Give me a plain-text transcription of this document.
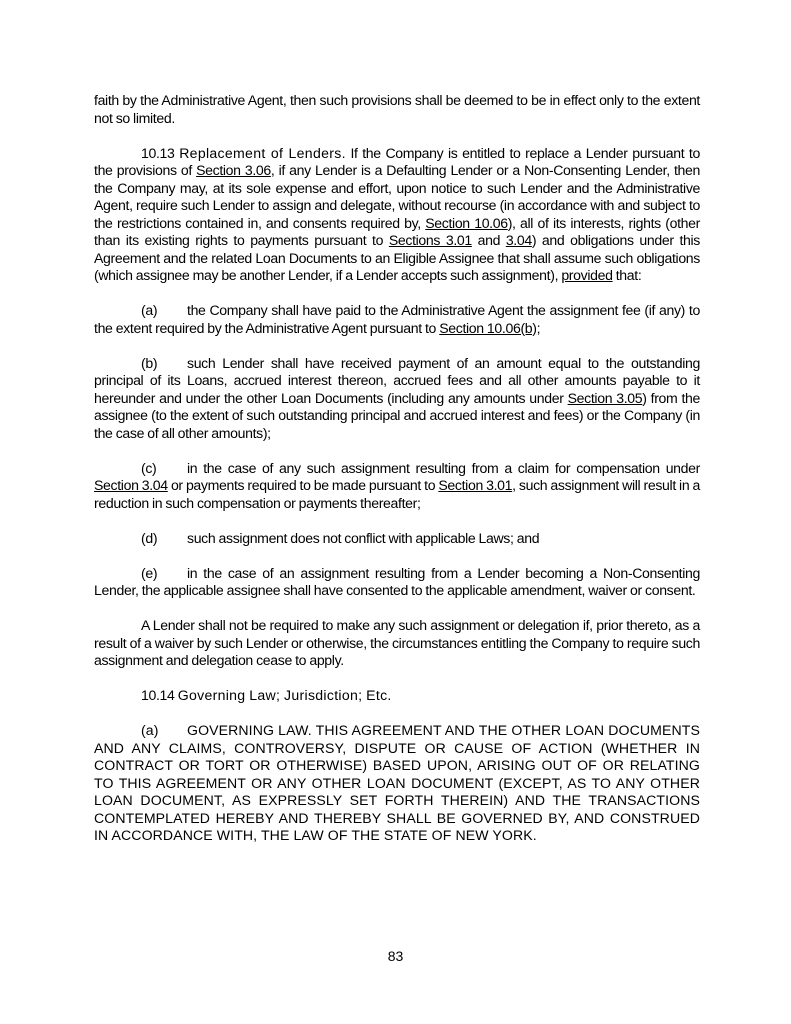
faith by the Administrative Agent, then such provisions shall be deemed to be in effect only to the extent not so limited.

10.13 Replacement of Lenders. If the Company is entitled to replace a Lender pursuant to the provisions of Section 3.06, if any Lender is a Defaulting Lender or a Non-Consenting Lender, then the Company may, at its sole expense and effort, upon notice to such Lender and the Administrative Agent, require such Lender to assign and delegate, without recourse (in accordance with and subject to the restrictions contained in, and consents required by, Section 10.06), all of its interests, rights (other than its existing rights to payments pursuant to Sections 3.01 and 3.04) and obligations under this Agreement and the related Loan Documents to an Eligible Assignee that shall assume such obligations (which assignee may be another Lender, if a Lender accepts such assignment), provided that:

(a) the Company shall have paid to the Administrative Agent the assignment fee (if any) to the extent required by the Administrative Agent pursuant to Section 10.06(b);

(b) such Lender shall have received payment of an amount equal to the outstanding principal of its Loans, accrued interest thereon, accrued fees and all other amounts payable to it hereunder and under the other Loan Documents (including any amounts under Section 3.05) from the assignee (to the extent of such outstanding principal and accrued interest and fees) or the Company (in the case of all other amounts);

(c) in the case of any such assignment resulting from a claim for compensation under Section 3.04 or payments required to be made pursuant to Section 3.01, such assignment will result in a reduction in such compensation or payments thereafter;

(d) such assignment does not conflict with applicable Laws; and

(e) in the case of an assignment resulting from a Lender becoming a Non-Consenting Lender, the applicable assignee shall have consented to the applicable amendment, waiver or consent.

A Lender shall not be required to make any such assignment or delegation if, prior thereto, as a result of a waiver by such Lender or otherwise, the circumstances entitling the Company to require such assignment and delegation cease to apply.

10.14 Governing Law; Jurisdiction; Etc.

(a) GOVERNING LAW. THIS AGREEMENT AND THE OTHER LOAN DOCUMENTS AND ANY CLAIMS, CONTROVERSY, DISPUTE OR CAUSE OF ACTION (WHETHER IN CONTRACT OR TORT OR OTHERWISE) BASED UPON, ARISING OUT OF OR RELATING TO THIS AGREEMENT OR ANY OTHER LOAN DOCUMENT (EXCEPT, AS TO ANY OTHER LOAN DOCUMENT, AS EXPRESSLY SET FORTH THEREIN) AND THE TRANSACTIONS CONTEMPLATED HEREBY AND THEREBY SHALL BE GOVERNED BY, AND CONSTRUED IN ACCORDANCE WITH, THE LAW OF THE STATE OF NEW YORK.

83
